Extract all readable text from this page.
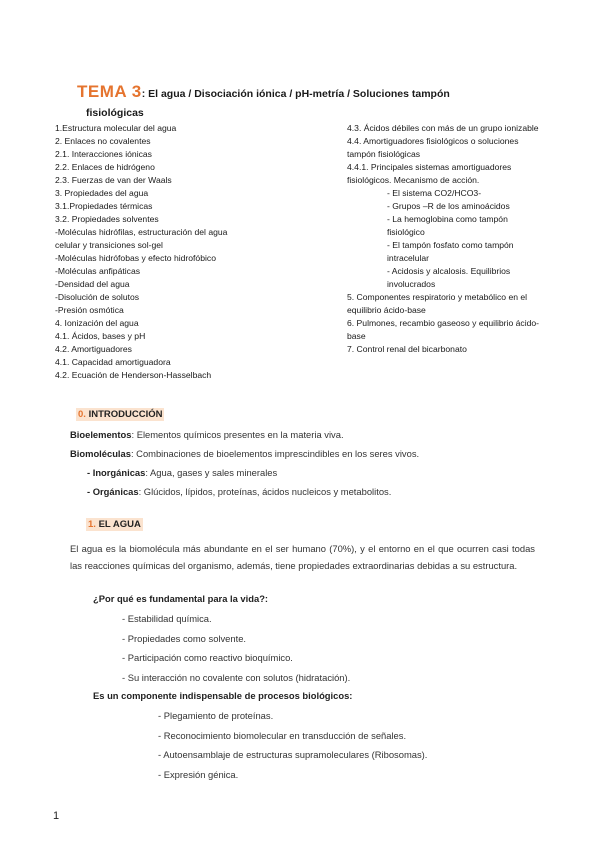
TEMA 3: El agua / Disociación iónica / pH-metría / Soluciones tampón
fisiológicas
1.Estructura molecular del agua
2. Enlaces no covalentes
2.1. Interacciones iónicas
2.2. Enlaces de hidrógeno
2.3. Fuerzas de van der Waals
3. Propiedades del agua
3.1.Propiedades térmicas
3.2. Propiedades solventes
-Moléculas hidrófilas, estructuración del agua celular y transiciones sol-gel
-Moléculas hidrófobas y efecto hidrofóbico
-Moléculas anfipáticas
-Densidad del agua
-Disolución de solutos
-Presión osmótica
4. Ionización del agua
4.1. Ácidos, bases y pH
4.2. Amortiguadores
4.1. Capacidad amortiguadora
4.2. Ecuación de Henderson-Hasselbach
4.3. Ácidos débiles con más de un grupo ionizable
4.4. Amortiguadores fisiológicos o soluciones tampón fisiológicas
4.4.1. Principales sistemas amortiguadores fisiológicos. Mecanismo de acción.
- El sistema CO2/HCO3-
- Grupos –R de los aminoácidos
- La hemoglobina como tampón fisiológico
- El tampón fosfato como tampón intracelular
- Acidosis y alcalosis. Equilibrios involucrados
5. Componentes respiratorio y metabólico en el equilibrio ácido-base
6. Pulmones, recambio gaseoso y equilibrio ácido-base
7. Control renal del bicarbonato
0. INTRODUCCIÓN
Bioelementos: Elementos químicos presentes en la materia viva.
Biomoléculas: Combinaciones de bioelementos imprescindibles en los seres vivos.
- Inorgánicas: Agua, gases y sales minerales
- Orgánicas: Glúcidos, lípidos, proteínas, ácidos nucleicos y metabolitos.
1. EL AGUA
El agua es la biomolécula más abundante en el ser humano (70%), y el entorno en el que ocurren casi todas las reacciones químicas del organismo, además, tiene propiedades extraordinarias debidas a su estructura.
¿Por qué es fundamental para la vida?:
- Estabilidad química.
- Propiedades como solvente.
- Participación como reactivo bioquímico.
- Su interacción no covalente con solutos (hidratación).
Es un componente indispensable de procesos biológicos:
- Plegamiento de proteínas.
- Reconocimiento biomolecular en transducción de señales.
- Autoensamblaje de estructuras supramoleculares (Ribosomas).
- Expresión génica.
1
